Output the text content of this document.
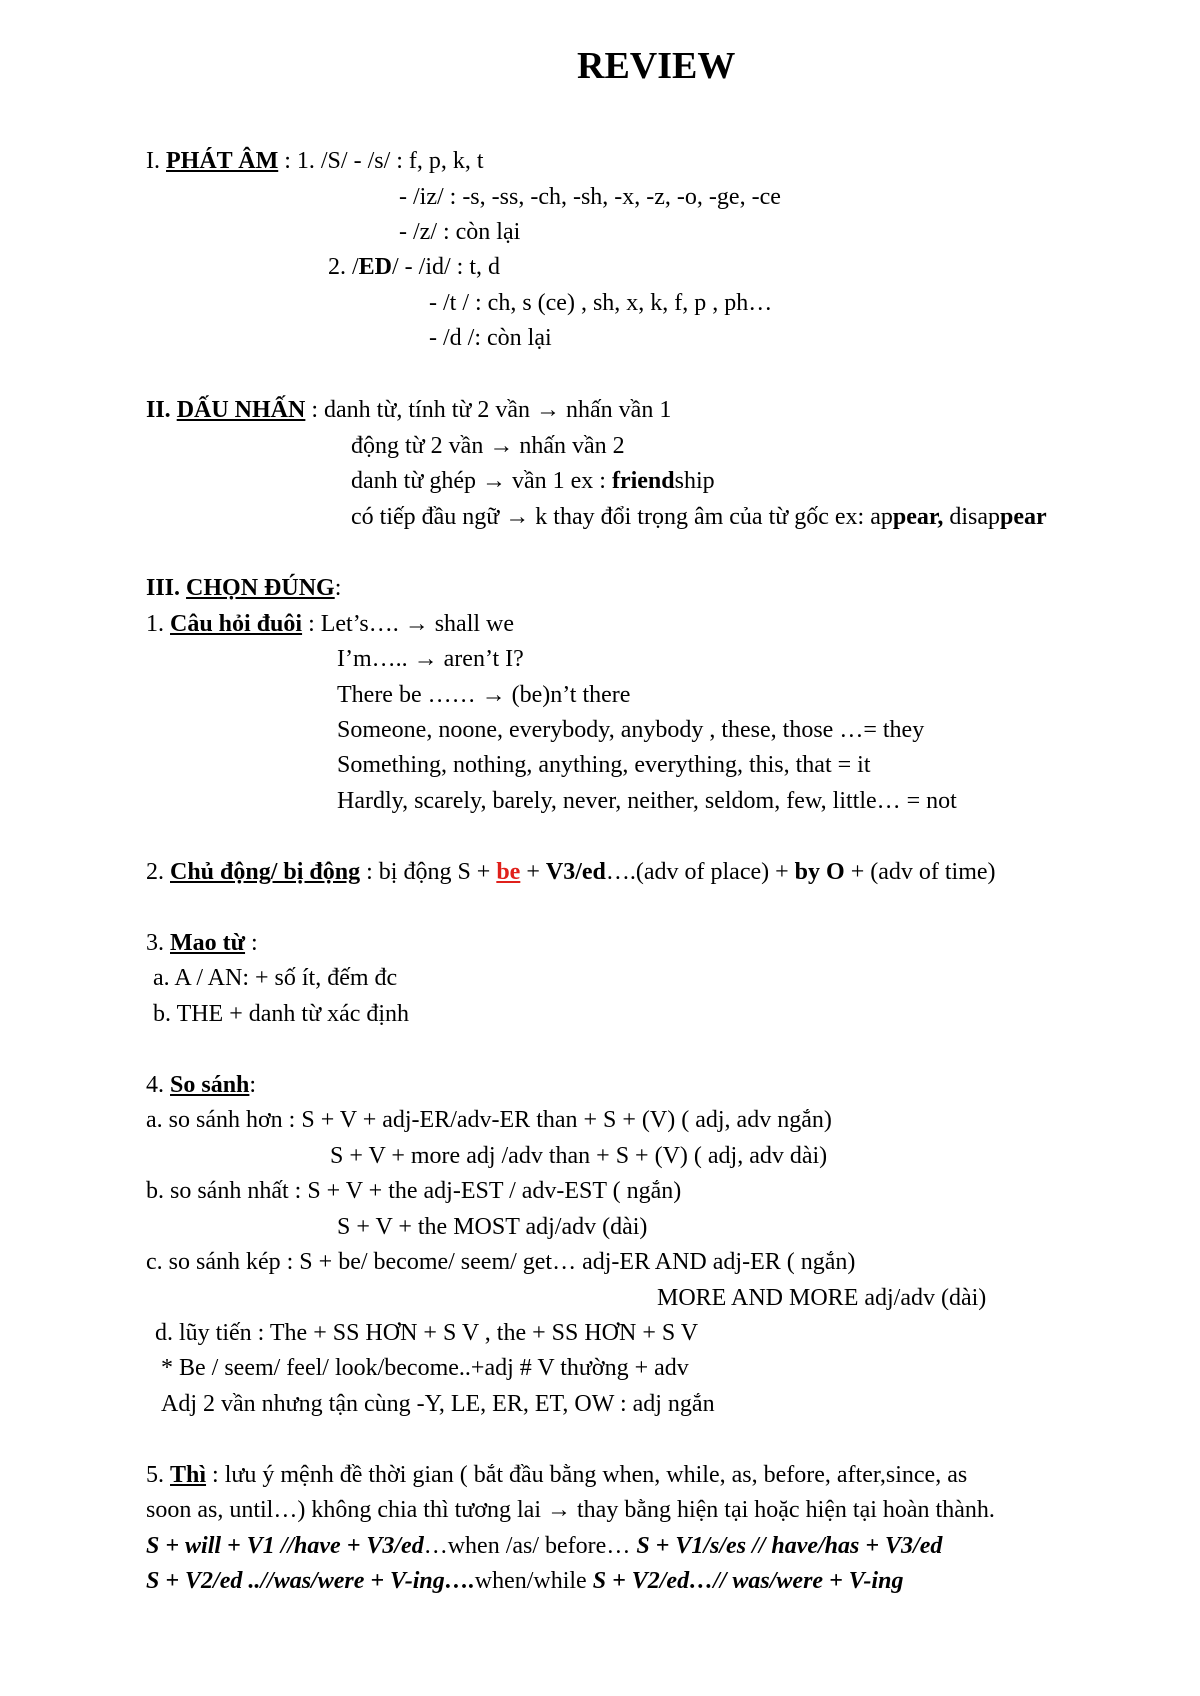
REVIEW
I. PHÁT ÂM : 1. /S/ - /s/ : f, p, k, t
- /iz/ : -s, -ss, -ch, -sh, -x, -z, -o, -ge, -ce
- /z/ : còn lại
2. /ED/ - /id/ : t, d
- /t / : ch, s (ce) , sh, x, k, f, p , ph…
- /d /: còn lại
II. DẤU NHẤN : danh từ, tính từ 2 vần → nhấn vần 1
động từ 2 vần → nhấn vần 2
danh từ ghép → vần 1 ex : friendship
có tiếp đầu ngữ → k thay đổi trọng âm của từ gốc ex: appear, disappear
III. CHỌN ĐÚNG:
1. Câu hỏi đuôi : Let’s…. → shall we
I’m….. → aren’t I?
There be …… → (be)n’t there
Someone, noone, everybody, anybody , these, those …= they
Something, nothing, anything, everything, this, that = it
Hardly, scarely, barely, never, neither, seldom, few, little… = not
2. Chủ động/ bị động : bị động S + be + V3/ed….(adv of place) + by O + (adv of time)
3. Mao từ :
a. A / AN: + số ít, đếm đc
b. THE + danh từ xác định
4. So sánh:
a. so sánh hơn : S + V + adj-ER/adv-ER than + S + (V) ( adj, adv ngắn)
S + V + more adj /adv than + S + (V) ( adj, adv dài)
b. so sánh nhất : S + V + the adj-EST / adv-EST ( ngắn)
S + V + the MOST adj/adv (dài)
c. so sánh kép : S + be/ become/ seem/ get… adj-ER AND adj-ER ( ngắn)
MORE AND MORE adj/adv (dài)
d. lũy tiến : The + SS HƠN + S V , the + SS HƠN + S V
* Be / seem/ feel/ look/become..+adj # V thường + adv
Adj 2 vần nhưng tận cùng -Y, LE, ER, ET, OW : adj ngắn
5. Thì : lưu ý mệnh đề thời gian ( bắt đầu bằng when, while, as, before, after,since, as
soon as, until…) không chia thì tương lai → thay bằng hiện tại hoặc hiện tại hoàn thành.
S + will + V1 //have + V3/ed…when /as/ before… S + V1/s/es // have/has + V3/ed
S + V2/ed ..//was/were + V-ing….when/while S + V2/ed…// was/were + V-ing
